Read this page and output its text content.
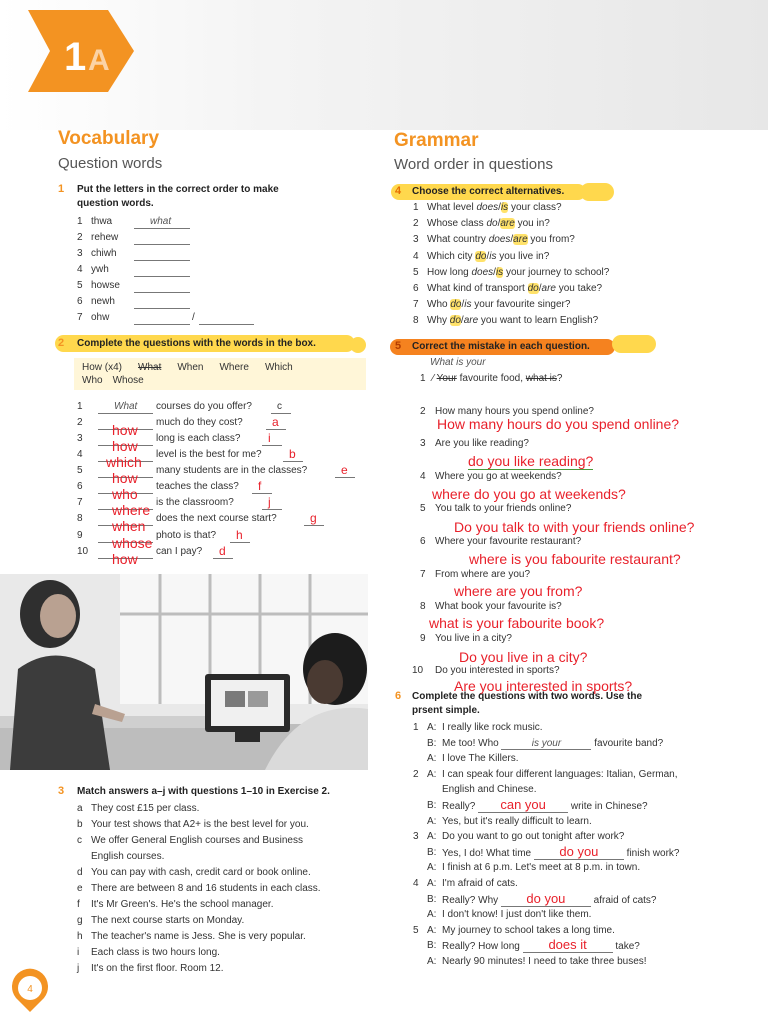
1 A
Vocabulary
Question words
1 Put the letters in the correct order to make
question words.
1 thwa	what
2 rehew
3 chiwh
4 ywh
5 howse
6 newh
7 ohw	/
2 Complete the questions with the words in the box.
How (x4) What When Where Which
Who Whose
1	What courses do you offer?	c
2 how much do they cost? a
3 how long is each class? i
4 which level is the best for me? b
5 how many students are in the classes?	e
6 who teaches the class? f
7 where is the classroom?	j
8 when does the next course start?	g
9 whose photo is that? h
10 how can I pay? d
3 Match answers a–j with questions 1–10 in Exercise 2.
a They cost £15 per class.
b Your test shows that A2+ is the best level for you.
c We offer General English courses and Business
English courses.
d You can pay with cash, credit card or book online.
e There are between 8 and 16 students in each class.
f It's Mr Green's. He's the school manager.
g The next course starts on Monday.
h The teacher's name is Jess. She is very popular.
i Each class is two hours long.
j It's on the first floor. Room 12.
Grammar
Word order in questions
4 Choose the correct alternatives.
1 What level does/is your class?
2 Whose class do/are you in?
3 What country does/are you from?
4 Which city do/is you live in?
5 How long does/is your journey to school?
6 What kind of transport do/are you take?
7 Who do/is your favourite singer?
8 Why do/are you want to learn English?
5 Correct the mistake in each question.
What is your
1 ⁄ Your favourite food, what is?
2 How many hours you spend online?
How many hours do you spend online?
3 Are you like reading?
do you like reading?
4 Where you go at weekends?
where do you go at weekends?
5 You talk to your friends online?
Do you talk to with your friends online?
6 Where your favourite restaurant?
where is you fabourite restaurant?
7 From where are you?
where are you from?
8 What book your favourite is?
what is your fabourite book?
9 You live in a city?
Do you live in a city?
10 Do you interested in sports?
Are you interested in sports?
6 Complete the questions with two words. Use the
prsent simple.
1 A: I really like rock music.
B: Me too! Who	is your	favourite band?
A: I love The Killers.
2 A: I can speak four different languages: Italian, German,
English and Chinese.
B: Really? can you write in Chinese?
A: Yes, but it's really difficult to learn.
3 A: Do you want to go out tonight after work?
B: Yes, I do! What time do you	finish work?
A: I finish at 6 p.m. Let's meet at 8 p.m. in town.
4 A: I'm afraid of cats.
B: Really? Why do you	afraid of cats?
A: I don't know! I just don't like them.
5 A: My journey to school takes a long time.
B: Really? How long does it	take?
A: Nearly 90 minutes! I need to take three buses!
4
